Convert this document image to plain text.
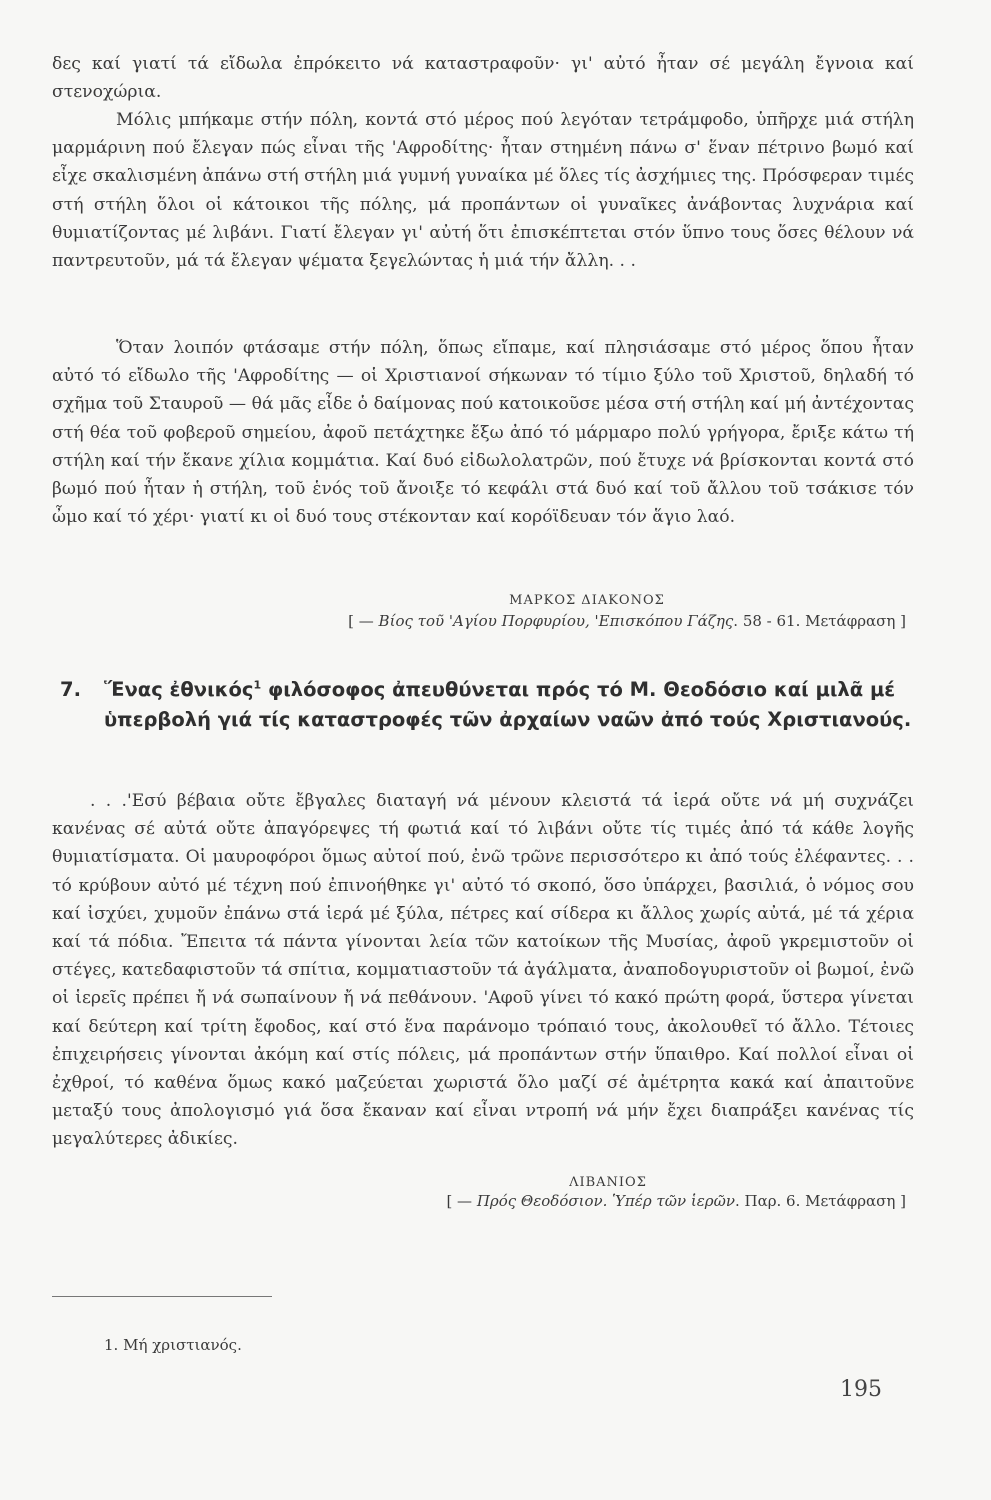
δες καί γιατί τά εἴδωλα ἐπρόκειτο νά καταστραφοῦν· γι' αὐτό ἦταν σέ μεγάλη ἔγνοια καί στενοχώρια.
Μόλις μπήκαμε στήν πόλη, κοντά στό μέρος πού λεγόταν τετράμφοδο, ὑπῆρχε μιά στήλη μαρμάρινη πού ἔλεγαν πώς εἶναι τῆς 'Αφροδίτης· ἦταν στημένη πάνω σ' ἕναν πέτρινο βωμό καί εἶχε σκαλισμένη ἀπάνω στή στήλη μιά γυμνή γυναίκα μέ ὅλες τίς ἀσχήμιες της. Πρόσφεραν τιμές στή στήλη ὅλοι οἱ κάτοικοι τῆς πόλης, μά προπάντων οἱ γυναῖκες ἀνάβοντας λυχνάρια καί θυμιατίζοντας μέ λιβάνι. Γιατί ἔλεγαν γι' αὐτή ὅτι ἐπισκέπτεται στόν ὕπνο τους ὅσες θέλουν νά παντρευτοῦν, μά τά ἔλεγαν ψέματα ξεγελώντας ἡ μιά τήν ἄλλη. . .
Ὅταν λοιπόν φτάσαμε στήν πόλη, ὅπως εἴπαμε, καί πλησιάσαμε στό μέρος ὅπου ἦταν αὐτό τό εἴδωλο τῆς 'Αφροδίτης — οἱ Χριστιανοί σήκωναν τό τίμιο ξύλο τοῦ Χριστοῦ, δηλαδή τό σχῆμα τοῦ Σταυροῦ — θά μᾶς εἶδε ὁ δαίμονας πού κατοικοῦσε μέσα στή στήλη καί μή ἀντέχοντας στή θέα τοῦ φοβεροῦ σημείου, ἀφοῦ πετάχτηκε ἔξω ἀπό τό μάρμαρο πολύ γρήγορα, ἔριξε κάτω τή στήλη καί τήν ἔκανε χίλια κομμάτια. Καί δυό εἰδωλολατρῶν, πού ἔτυχε νά βρίσκονται κοντά στό βωμό πού ἦταν ἡ στήλη, τοῦ ἑνός τοῦ ἄνοιξε τό κεφάλι στά δυό καί τοῦ ἄλλου τοῦ τσάκισε τόν ὦμο καί τό χέρι· γιατί κι οἱ δυό τους στέκονταν καί κορόϊδευαν τόν ἅγιο λαό.
ΜΑΡΚΟΣ ΔΙΑΚΟΝΟΣ
[ — Βίος τοῦ 'Αγίου Πορφυρίου, 'Επισκόπου Γάζης. 58 - 61. Μετάφραση ]
7. Ἕνας ἐθνικός$^1$ φιλόσοφος ἀπευθύνεται πρός τό Μ. Θεοδόσιο καί μιλᾶ μέ ὑπερβολή γιά τίς καταστροφές τῶν ἀρχαίων ναῶν ἀπό τούς Χριστιανούς.
. . .'Εσύ βέβαια οὔτε ἔβγαλες διαταγή νά μένουν κλειστά τά ἱερά οὔτε νά μή συχνάζει κανένας σέ αὐτά οὔτε ἀπαγόρεψες τή φωτιά καί τό λιβάνι οὔτε τίς τιμές ἀπό τά κάθε λογῆς θυμιατίσματα. Οἱ μαυροφόροι ὅμως αὐτοί πού, ἐνῶ τρῶνε περισσότερο κι ἀπό τούς ἐλέφαντες. . . τό κρύβουν αὐτό μέ τέχνη πού ἐπινοήθηκε γι' αὐτό τό σκοπό, ὅσο ὑπάρχει, βασιλιά, ὁ νόμος σου καί ἰσχύει, χυμοῦν ἐπάνω στά ἱερά μέ ξύλα, πέτρες καί σίδερα κι ἄλλος χωρίς αὐτά, μέ τά χέρια καί τά πόδια. Ἔπειτα τά πάντα γίνονται λεία τῶν κατοίκων τῆς Μυσίας, ἀφοῦ γκρεμιστοῦν οἱ στέγες, κατεδαφιστοῦν τά σπίτια, κομματιαστοῦν τά ἀγάλματα, ἀναποδογυριστοῦν οἱ βωμοί, ἐνῶ οἱ ἱερεῖς πρέπει ἤ νά σωπαίνουν ἤ νά πεθάνουν. 'Αφοῦ γίνει τό κακό πρώτη φορά, ὕστερα γίνεται καί δεύτερη καί τρίτη ἔφοδος, καί στό ἕνα παράνομο τρόπαιό τους, ἀκολουθεῖ τό ἄλλο. Τέτοιες ἐπιχειρήσεις γίνονται ἀκόμη καί στίς πόλεις, μά προπάντων στήν ὕπαιθρο. Καί πολλοί εἶναι οἱ ἐχθροί, τό καθένα ὅμως κακό μαζεύεται χωριστά ὅλο μαζί σέ ἀμέτρητα κακά καί ἀπαιτοῦνε μεταξύ τους ἀπολογισμό γιά ὅσα ἔκαναν καί εἶναι ντροπή νά μήν ἔχει διαπράξει κανένας τίς μεγαλύτερες ἀδικίες.
ΛΙΒΑΝΙΟΣ
[ — Πρός Θεοδόσιον. Ὑπέρ τῶν ἱερῶν. Παρ. 6. Μετάφραση ]
1. Μή χριστιανός.
195
